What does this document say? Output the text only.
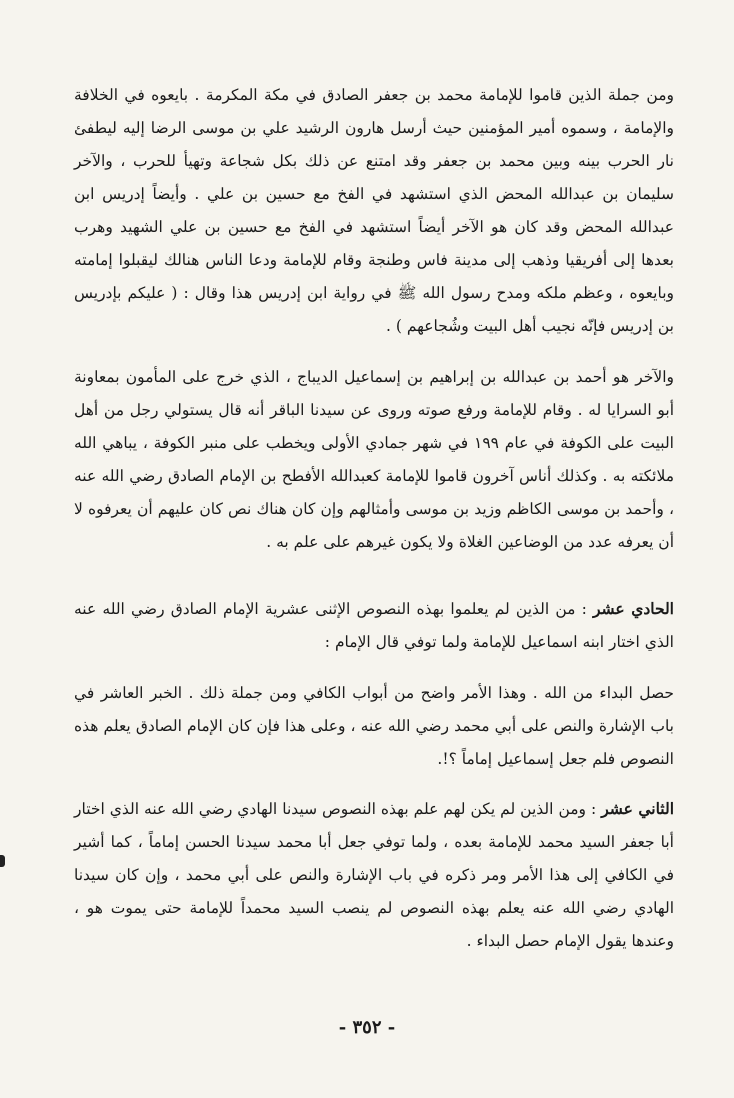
ومن جملة الذين قاموا للإمامة محمد بن جعفر الصادق في مكة المكرمة . بايعوه في الخلافة والإمامة ، وسموه أمير المؤمنين حيث أرسل هارون الرشيد علي بن موسى الرضا إليه ليطفئ نار الحرب بينه وبين محمد بن جعفر وقد امتنع عن ذلك بكل شجاعة وتهيأ للحرب ، والآخر سليمان بن عبدالله المحض الذي استشهد في الفخ مع حسين بن علي . وأيضاً إدريس ابن عبدالله المحض وقد كان هو الآخر أيضاً استشهد في الفخ مع حسين بن علي الشهيد وهرب بعدها إلى أفريقيا وذهب إلى مدينة فاس وطنجة وقام للإمامة ودعا الناس هنالك ليقبلوا إمامته وبايعوه ، وعظم ملكه ومدح رسول الله ﷺ في رواية ابن إدريس هذا وقال : ( عليكم بإدريس بن إدريس فإنّه نجيب أهل البيت وشُجاعهم ) .

والآخر هو أحمد بن عبدالله بن إبراهيم بن إسماعيل الديباج ، الذي خرج على المأمون بمعاونة أبو السرايا له . وقام للإمامة ورفع صوته وروى عن سيدنا الباقر أنه قال يستولي رجل من أهل البيت على الكوفة في عام ١٩٩ في شهر جمادي الأولى ويخطب على منبر الكوفة ، يباهي الله ملائكته به . وكذلك أناس آخرون قاموا للإمامة كعبدالله الأفطح بن الإمام الصادق رضي الله عنه ، وأحمد بن موسى الكاظم وزيد بن موسى وأمثالهم وإن كان هناك نص كان عليهم أن يعرفوه لا أن يعرفه عدد من الوضاعين الغلاة ولا يكون غيرهم على علم به .

الحادي عشر : من الذين لم يعلموا بهذه النصوص الإثنى عشرية الإمام الصادق رضي الله عنه الذي اختار ابنه اسماعيل للإمامة ولما توفي قال الإمام :

حصل البداء من الله . وهذا الأمر واضح من أبواب الكافي ومن جملة ذلك . الخبر العاشر في باب الإشارة والنص على أبي محمد رضي الله عنه ، وعلى هذا فإن كان الإمام الصادق يعلم هذه النصوص فلم جعل إسماعيل إماماً ؟!.

الثاني عشر : ومن الذين لم يكن لهم علم بهذه النصوص سيدنا الهادي رضي الله عنه الذي اختار أبا جعفر السيد محمد للإمامة بعده ، ولما توفي جعل أبا محمد سيدنا الحسن إماماً ، كما أشير في الكافي إلى هذا الأمر ومر ذكره في باب الإشارة والنص على أبي محمد ، وإن كان سيدنا الهادي رضي الله عنه يعلم بهذه النصوص لم ينصب السيد محمداً للإمامة حتى يموت هو ، وعندها يقول الإمام حصل البداء .

- ٣٥٢ -
